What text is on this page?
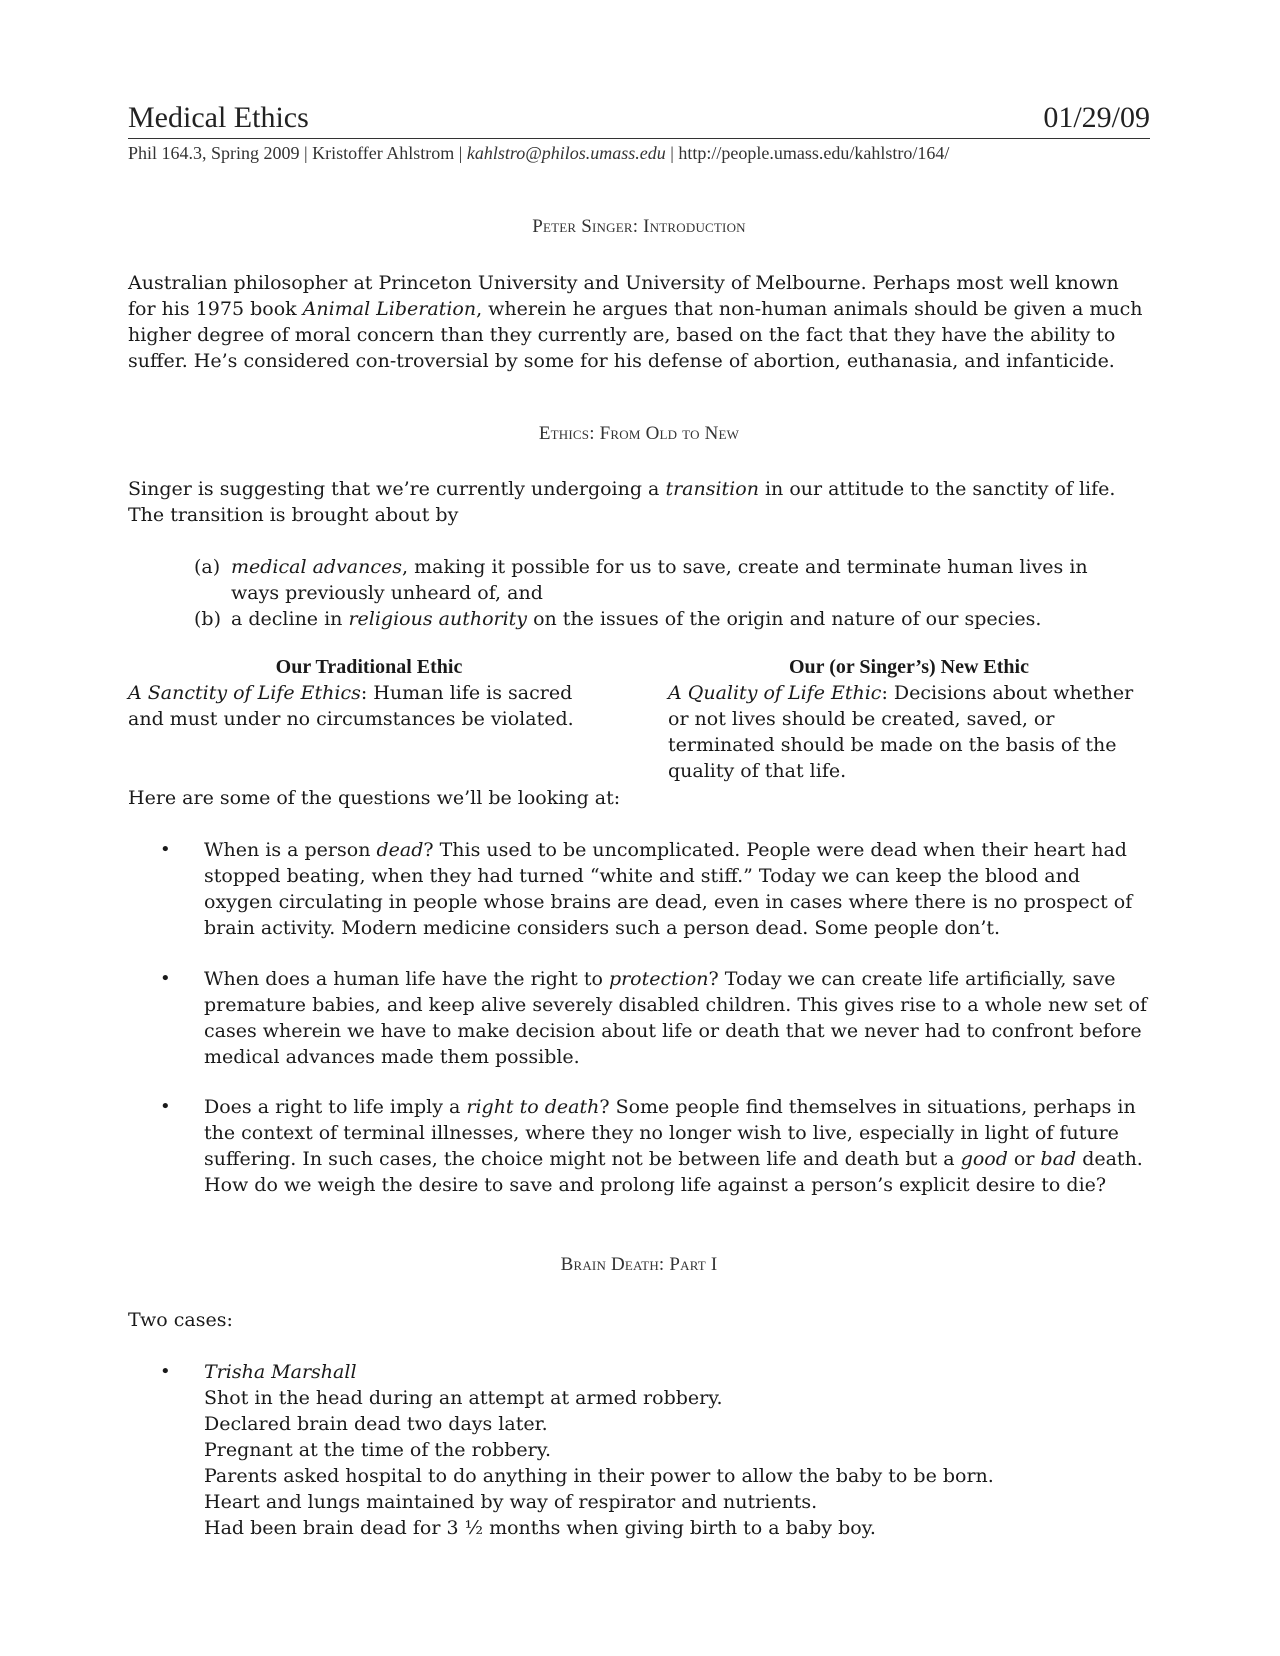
Medical Ethics	01/29/09
Phil 164.3, Spring 2009 | Kristoffer Ahlstrom | kahlstro@philos.umass.edu | http://people.umass.edu/kahlstro/164/
Peter Singer: Introduction
Australian philosopher at Princeton University and University of Melbourne. Perhaps most well known for his 1975 book Animal Liberation, wherein he argues that non-human animals should be given a much higher degree of moral concern than they currently are, based on the fact that they have the ability to suffer. He’s considered con-troversial by some for his defense of abortion, euthanasia, and infanticide.
Ethics: From Old to New
Singer is suggesting that we’re currently undergoing a transition in our attitude to the sanctity of life. The transition is brought about by
(a) medical advances, making it possible for us to save, create and terminate human lives in ways previously unheard of, and
(b) a decline in religious authority on the issues of the origin and nature of our species.
Our Traditional Ethic
A Sanctity of Life Ethics: Human life is sacred and must under no circumstances be violated.
Our (or Singer’s) New Ethic
A Quality of Life Ethic: Decisions about whether or not lives should be created, saved, or terminated should be made on the basis of the quality of that life.
Here are some of the questions we’ll be looking at:
•	When is a person dead? This used to be uncomplicated. People were dead when their heart had stopped beating, when they had turned “white and stiff.” Today we can keep the blood and oxygen circulating in people whose brains are dead, even in cases where there is no prospect of brain activity. Modern medicine considers such a person dead. Some people don’t.
•	When does a human life have the right to protection? Today we can create life artificially, save premature babies, and keep alive severely disabled children. This gives rise to a whole new set of cases wherein we have to make decision about life or death that we never had to confront before medical advances made them possible.
•	Does a right to life imply a right to death? Some people find themselves in situations, perhaps in the context of terminal illnesses, where they no longer wish to live, especially in light of future suffering. In such cases, the choice might not be between life and death but a good or bad death. How do we weigh the desire to save and prolong life against a person’s explicit desire to die?
Brain Death: Part I
Two cases:
•	Trisha Marshall
Shot in the head during an attempt at armed robbery.
Declared brain dead two days later.
Pregnant at the time of the robbery.
Parents asked hospital to do anything in their power to allow the baby to be born.
Heart and lungs maintained by way of respirator and nutrients.
Had been brain dead for 3 ½ months when giving birth to a baby boy.
